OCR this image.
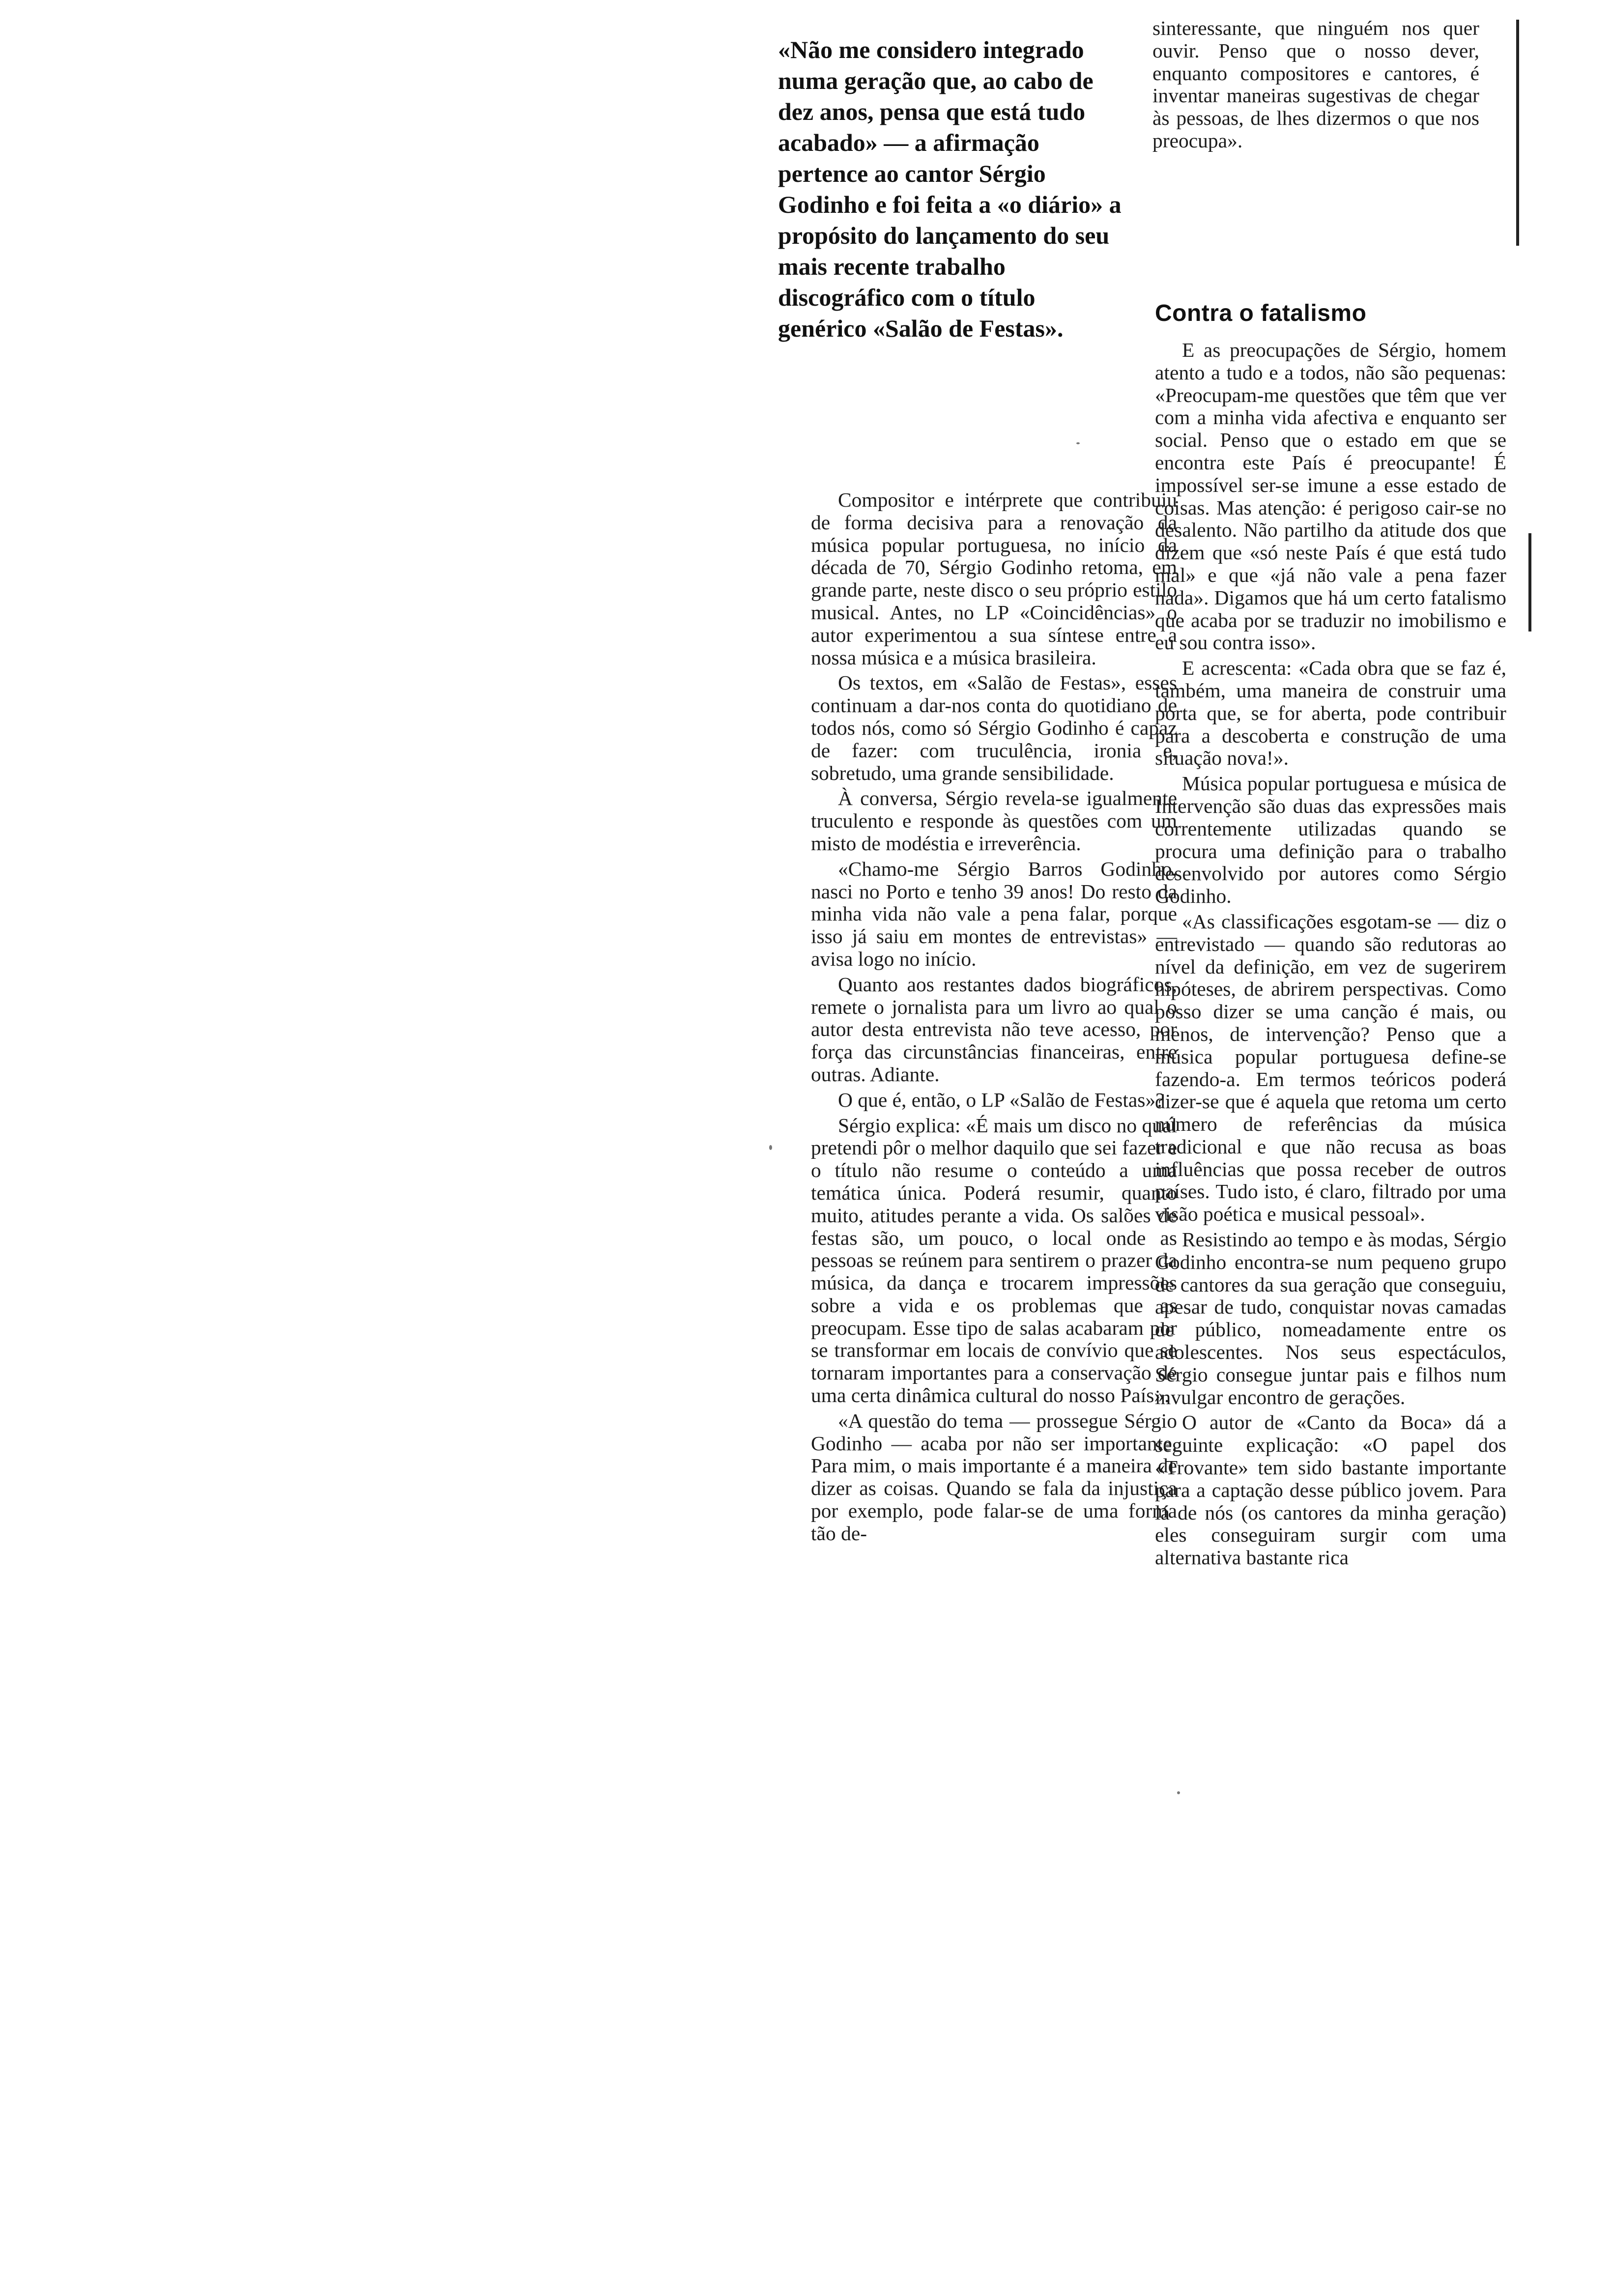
«Não me considero integrado numa geração que, ao cabo de dez anos, pensa que está tudo acabado» — a afirmação pertence ao cantor Sérgio Godinho e foi feita a «o diário» a propósito do lançamento do seu mais recente trabalho discográfico com o título genérico «Salão de Festas».

Compositor e intérprete que contribuiu de forma decisiva para a renovação da música popular portuguesa, no início da década de 70, Sérgio Godinho retoma, em grande parte, neste disco o seu próprio estilo musical. Antes, no LP «Coincidências» o autor experimentou a sua síntese entre a nossa música e a música brasileira.

Os textos, em «Salão de Festas», esses continuam a dar-nos conta do quotidiano de todos nós, como só Sérgio Godinho é capaz de fazer: com truculência, ironia e, sobretudo, uma grande sensibilidade.

À conversa, Sérgio revela-se igualmente truculento e responde às questões com um misto de modéstia e irreverência.

«Chamo-me Sérgio Barros Godinho, nasci no Porto e tenho 39 anos! Do resto da minha vida não vale a pena falar, porque isso já saiu em montes de entrevistas» — avisa logo no início.

Quanto aos restantes dados biográficos, remete o jornalista para um livro ao qual o autor desta entrevista não teve acesso, por força das circunstâncias financeiras, entre outras. Adiante.

O que é, então, o LP «Salão de Festas»?

Sérgio explica: «É mais um disco no qual pretendi pôr o melhor daquilo que sei fazer e o título não resume o conteúdo a uma temática única. Poderá resumir, quanto muito, atitudes perante a vida. Os salões de festas são, um pouco, o local onde as pessoas se reúnem para sentirem o prazer da música, da dança e trocarem impressões sobre a vida e os problemas que as preocupam. Esse tipo de salas acabaram por se transformar em locais de convívio que se tornaram importantes para a conservação de uma certa dinâmica cultural do nosso País».

«A questão do tema — prossegue Sérgio Godinho — acaba por não ser importante. Para mim, o mais importante é a maneira de dizer as coisas. Quando se fala da injustiça por exemplo, pode falar-se de uma forma tão de-

sinteressante, que ninguém nos quer ouvir. Penso que o nosso dever, enquanto compositores e cantores, é inventar maneiras sugestivas de chegar às pessoas, de lhes dizermos o que nos preocupa».

Contra o fatalismo

E as preocupações de Sérgio, homem atento a tudo e a todos, não são pequenas: «Preocupam-me questões que têm que ver com a minha vida afectiva e enquanto ser social. Penso que o estado em que se encontra este País é preocupante! É impossível ser-se imune a esse estado de coisas. Mas atenção: é perigoso cair-se no desalento. Não partilho da atitude dos que dizem que «só neste País é que está tudo mal» e que «já não vale a pena fazer nada». Digamos que há um certo fatalismo que acaba por se traduzir no imobilismo e eu sou contra isso».

E acrescenta: «Cada obra que se faz é, também, uma maneira de construir uma porta que, se for aberta, pode contribuir para a descoberta e construção de uma situação nova!».

Música popular portuguesa e música de Intervenção são duas das expressões mais correntemente utilizadas quando se procura uma definição para o trabalho desenvolvido por autores como Sérgio Godinho.

«As classificações esgotam-se — diz o entrevistado — quando são redutoras ao nível da definição, em vez de sugerirem hipóteses, de abrirem perspectivas. Como posso dizer se uma canção é mais, ou menos, de intervenção? Penso que a música popular portuguesa define-se fazendo-a. Em termos teóricos poderá dizer-se que é aquela que retoma um certo número de referências da música tradicional e que não recusa as boas influências que possa receber de outros países. Tudo isto, é claro, filtrado por uma visão poética e musical pessoal».

Resistindo ao tempo e às modas, Sérgio Godinho encontra-se num pequeno grupo de cantores da sua geração que conseguiu, apesar de tudo, conquistar novas camadas de público, nomeadamente entre os adolescentes. Nos seus espectáculos, Sérgio consegue juntar pais e filhos num invulgar encontro de gerações.

O autor de «Canto da Boca» dá a seguinte explicação: «O papel dos «Trovante» tem sido bastante importante para a captação desse público jovem. Para lá de nós (os cantores da minha geração) eles conseguiram surgir com uma alternativa bastante rica
